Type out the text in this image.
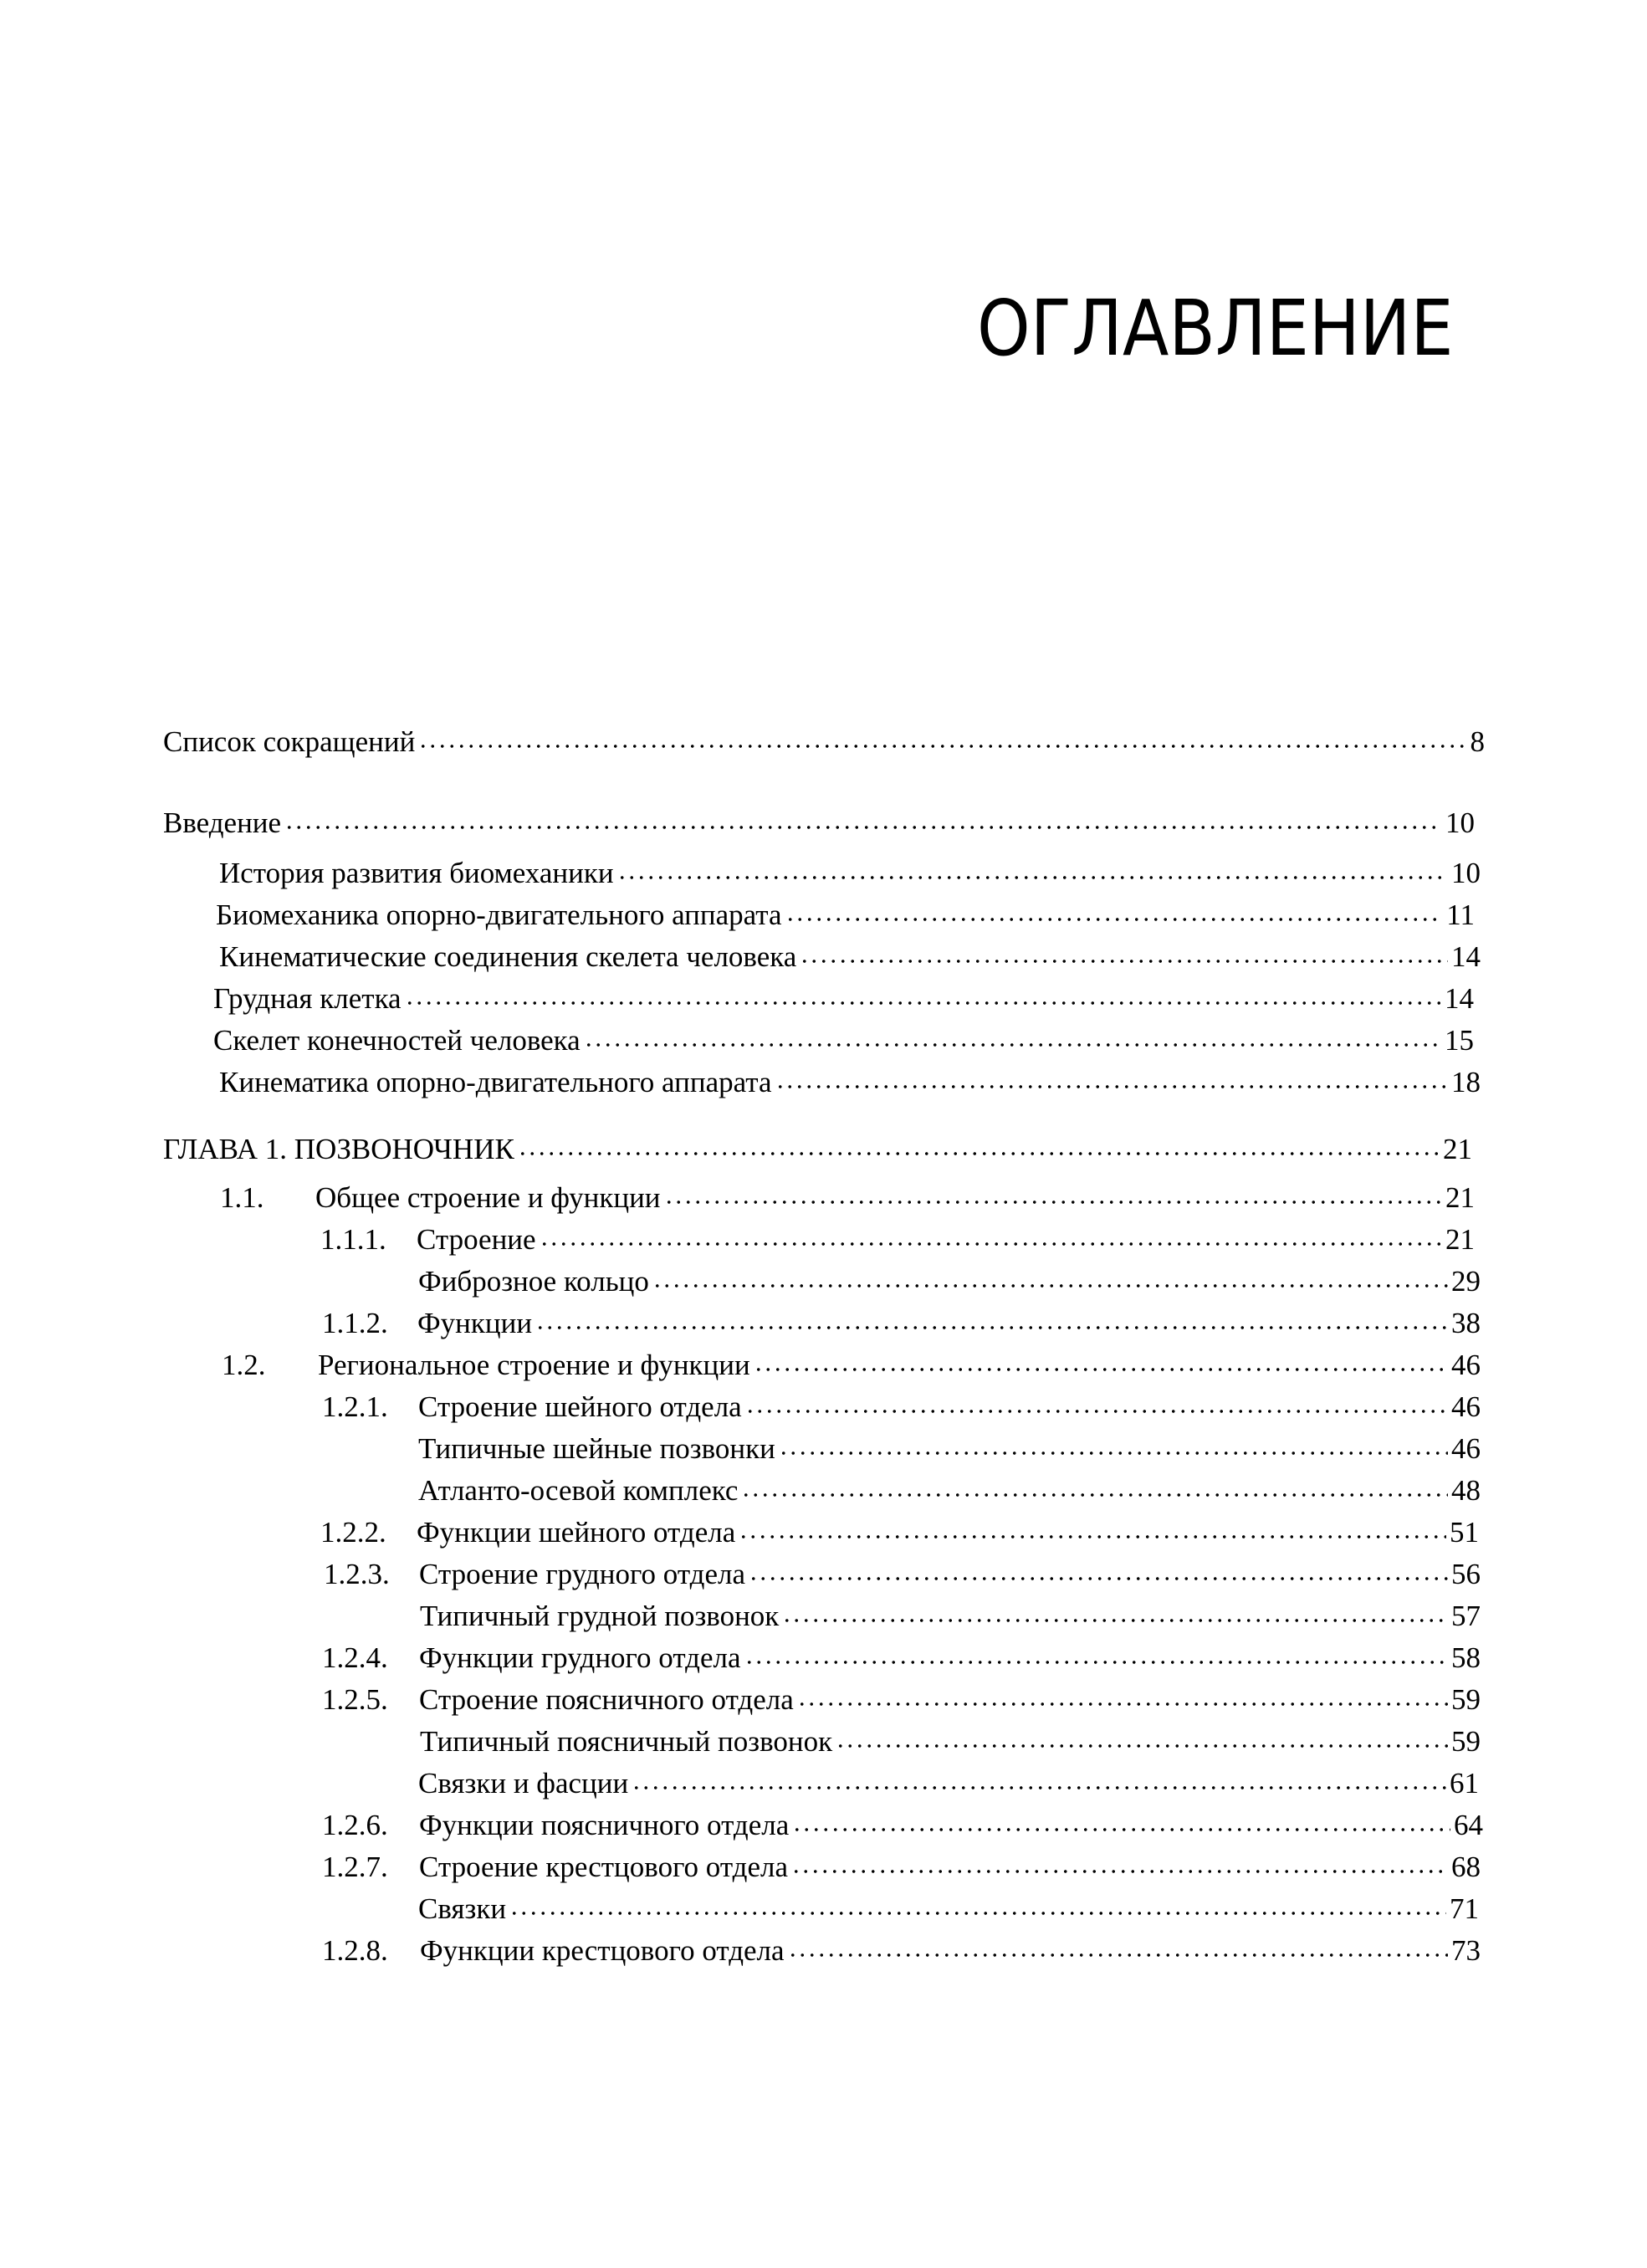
ОГЛАВЛЕНИЕ
Список сокращений	8
Введение	10
История развития биомеханики	10
Биомеханика опорно-двигательного аппарата	11
Кинематические соединения скелета человека	14
Грудная клетка	14
Скелет конечностей человека	15
Кинематика опорно-двигательного аппарата	18
ГЛАВА 1. ПОЗВОНОЧНИК	21
1.1.	Общее строение и функции	21
1.1.1.	Строение	21
Фиброзное кольцо	29
1.1.2.	Функции	38
1.2.	Региональное строение и функции	46
1.2.1.	Строение шейного отдела	46
Типичные шейные позвонки	46
Атланто-осевой комплекс	48
1.2.2.	Функции шейного отдела	51
1.2.3.	Строение грудного отдела	56
Типичный грудной позвонок	57
1.2.4.	Функции грудного отдела	58
1.2.5.	Строение поясничного отдела	59
Типичный поясничный позвонок	59
Связки и фасции	61
1.2.6.	Функции поясничного отдела	64
1.2.7.	Строение крестцового отдела	68
Связки	71
1.2.8.	Функции крестцового отдела	73
